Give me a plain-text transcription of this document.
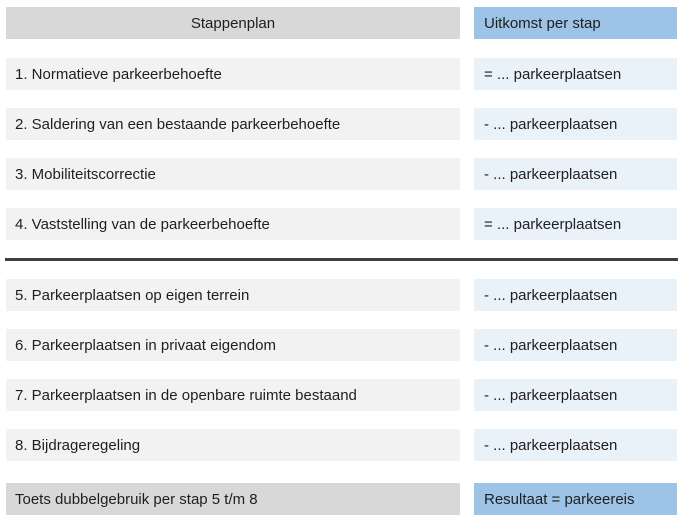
Stappenplan	Uitkomst per stap
1. Normatieve parkeerbehoefte	= ... parkeerplaatsen
2. Saldering van een bestaande parkeerbehoefte	- ... parkeerplaatsen
3. Mobiliteitscorrectie	- ... parkeerplaatsen
4. Vaststelling van de parkeerbehoefte	= ... parkeerplaatsen
5. Parkeerplaatsen op eigen terrein	- ... parkeerplaatsen
6. Parkeerplaatsen in privaat eigendom	- ... parkeerplaatsen
7. Parkeerplaatsen in de openbare ruimte bestaand	- ... parkeerplaatsen
8. Bijdrageregeling	- ... parkeerplaatsen
Toets dubbelgebruik per stap 5 t/m 8	Resultaat = parkeereis
